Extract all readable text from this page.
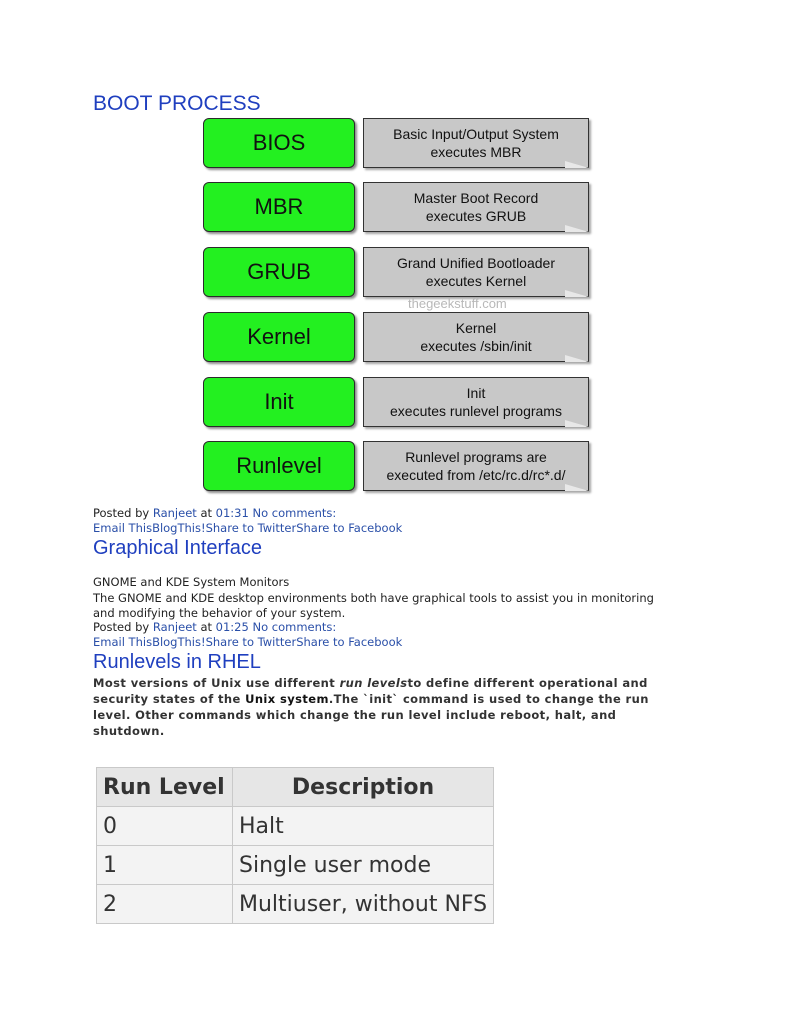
BOOT PROCESS
BIOS	Basic Input/Output System
executes MBR
MBR	Master Boot Record
executes GRUB
GRUB	Grand Unified Bootloader
executes Kernel
Kernel	Kernel
executes /sbin/init
Init	Init
executes runlevel programs
Runlevel	Runlevel programs are
executed from /etc/rc.d/rc*.d/
thegeekstuff.com
Posted by Ranjeet at 01:31 No comments:
Email ThisBlogThis!Share to TwitterShare to Facebook
Graphical Interface
GNOME and KDE System Monitors
The GNOME and KDE desktop environments both have graphical tools to assist you in monitoring
and modifying the behavior of your system.
Posted by Ranjeet at 01:25 No comments:
Email ThisBlogThis!Share to TwitterShare to Facebook
Runlevels in RHEL
Most versions of Unix use different run levelsto define different operational and
security states of the Unix system.The `init` command is used to change the run
level. Other commands which change the run level include reboot, halt, and
shutdown.
Run Level	Description
0	Halt
1	Single user mode
2	Multiuser, without NFS
